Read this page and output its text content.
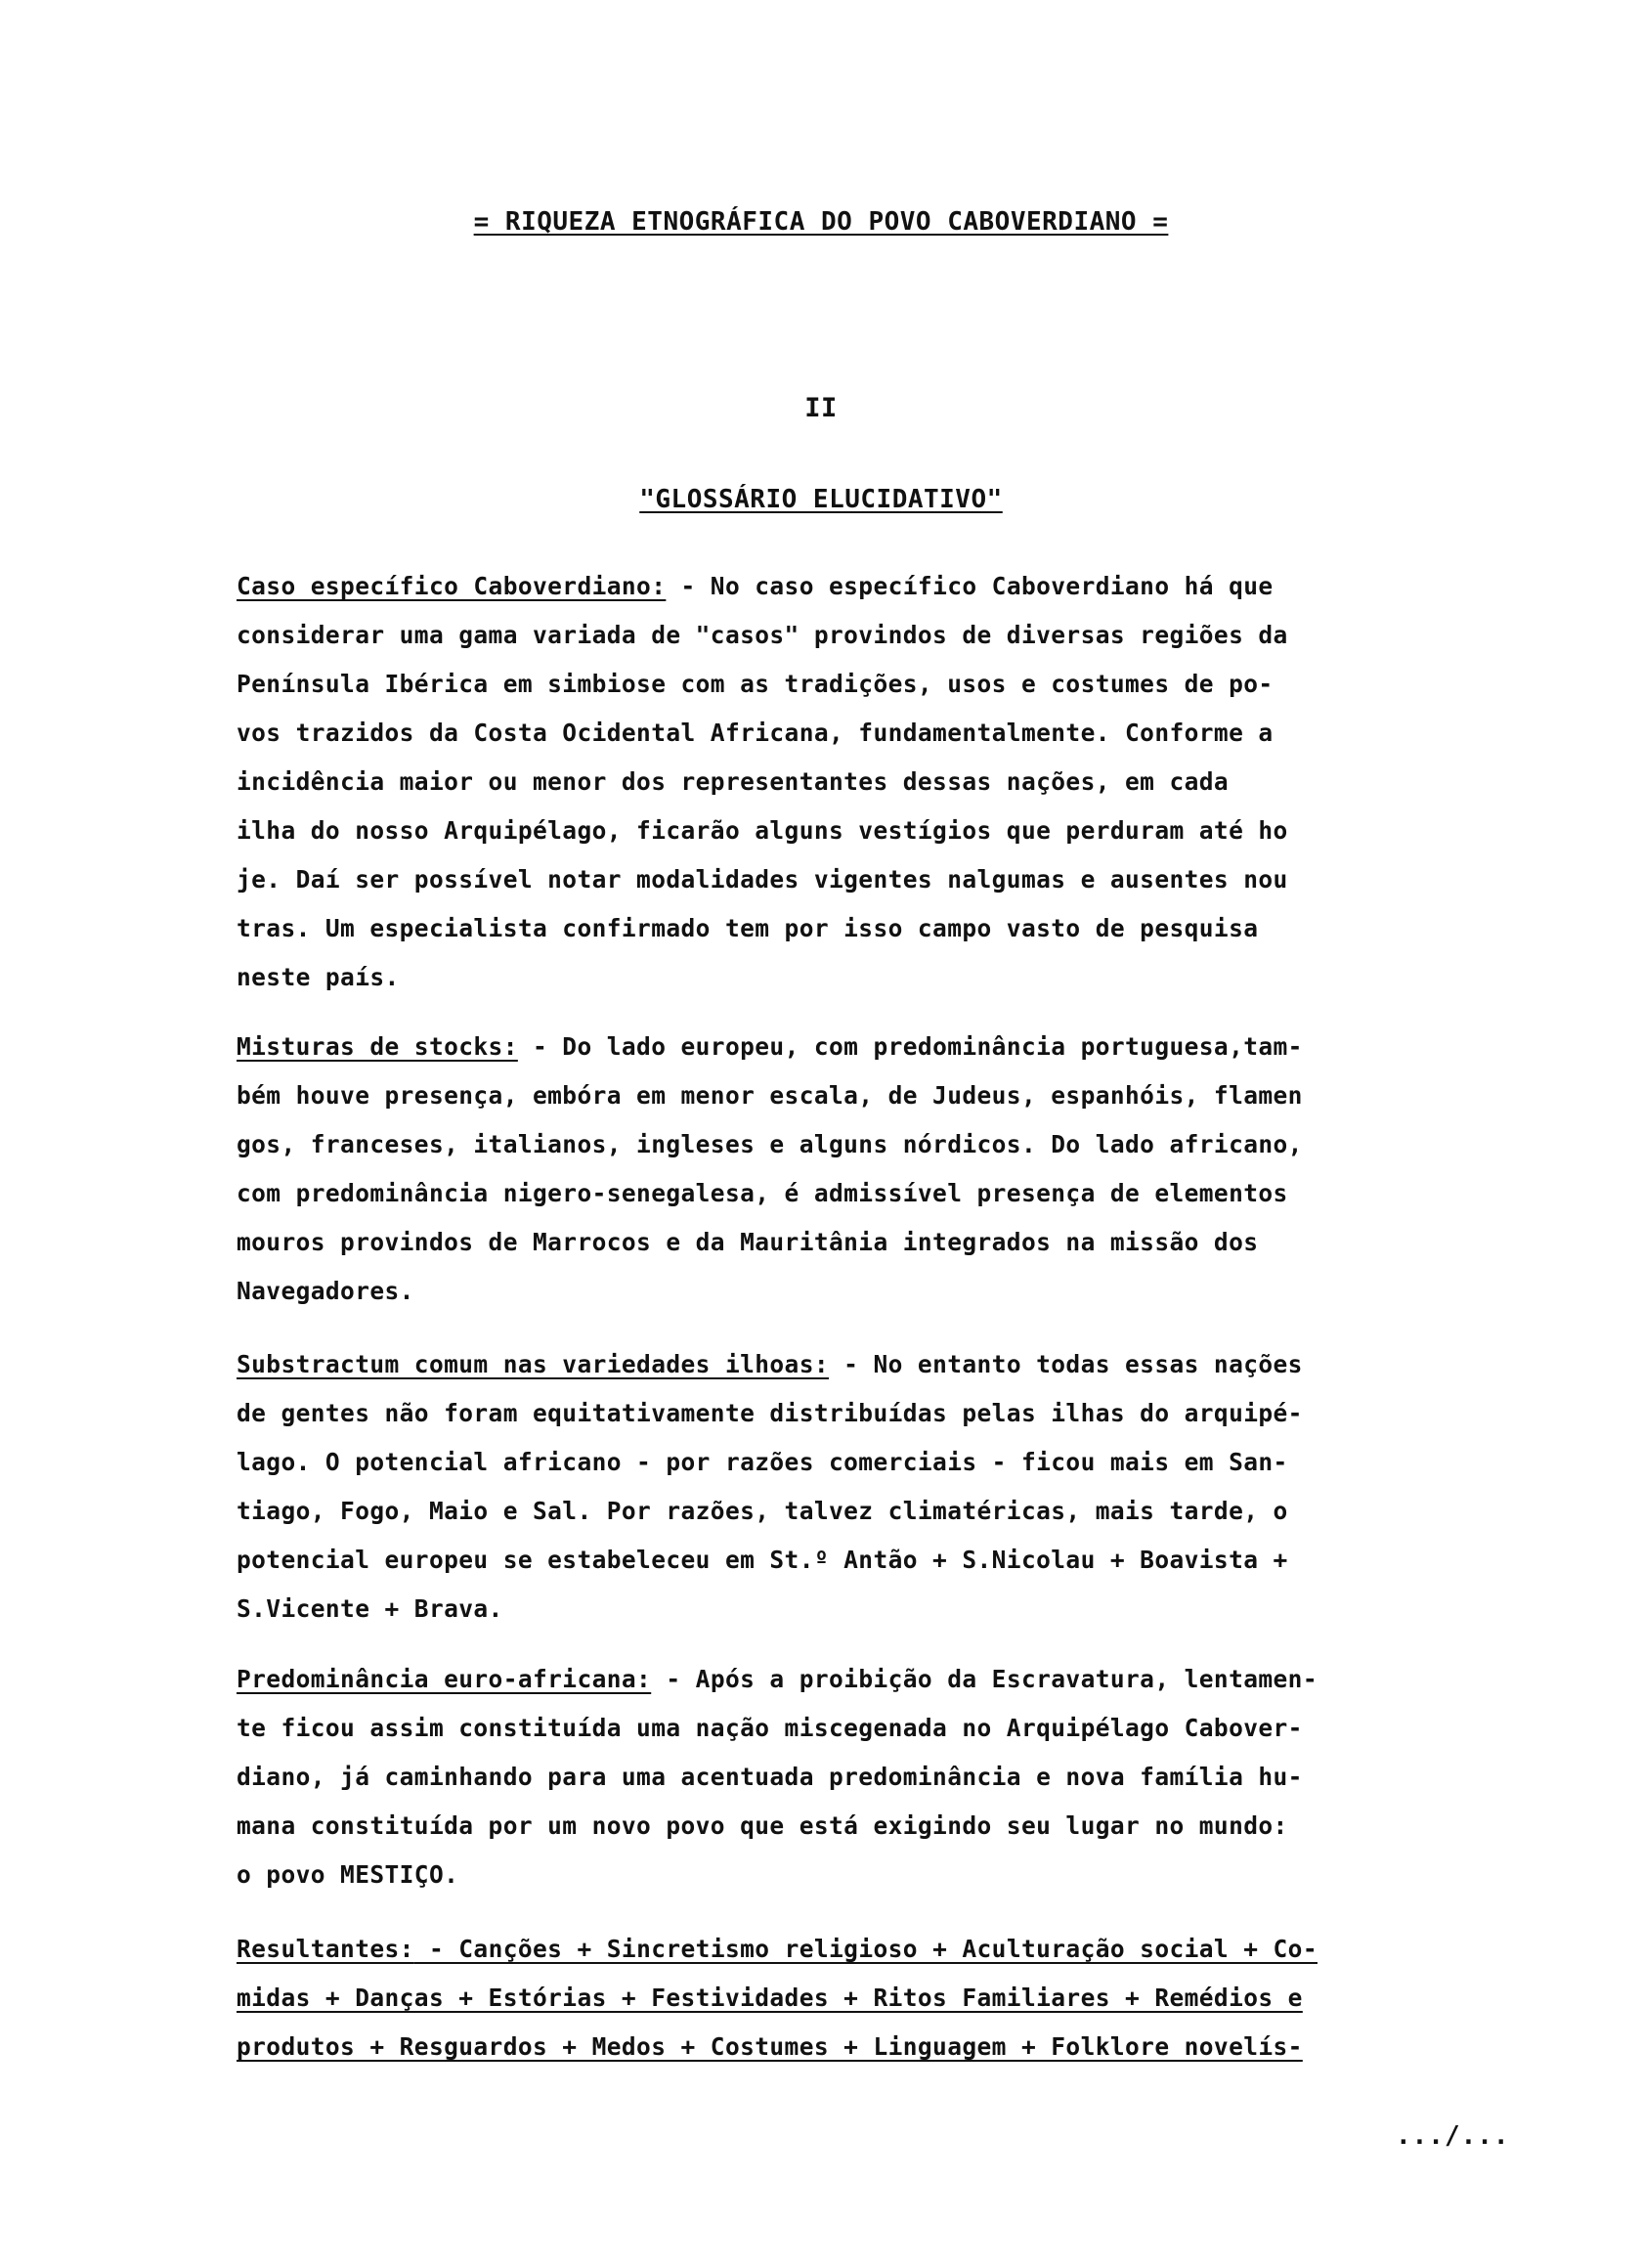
= RIQUEZA ETNOGRÁFICA DO POVO CABOVERDIANO =
II
"GLOSSÁRIO ELUCIDATIVO"
Caso específico Caboverdiano: - No caso específico Caboverdiano há que
considerar uma gama variada de "casos" provindos de diversas regiões da
Península Ibérica em simbiose com as tradições, usos e costumes de po-
vos trazidos da Costa Ocidental Africana, fundamentalmente. Conforme a
incidência maior ou menor dos representantes dessas nações, em cada
ilha do nosso Arquipélago, ficarão alguns vestígios que perduram até ho
je. Daí ser possível notar modalidades vigentes nalgumas e ausentes nou
tras. Um especialista confirmado tem por isso campo vasto de pesquisa
neste país.
Misturas de stocks: - Do lado europeu, com predominância portuguesa,tam-
bém houve presença, embóra em menor escala, de Judeus, espanhóis, flamen
gos, franceses, italianos, ingleses e alguns nórdicos. Do lado africano,
com predominância nigero-senegalesa, é admissível presença de elementos
mouros provindos de Marrocos e da Mauritânia integrados na missão dos
Navegadores.
Substractum comum nas variedades ilhoas: - No entanto todas essas nações
de gentes não foram equitativamente distribuídas pelas ilhas do arquipé-
lago. O potencial africano - por razões comerciais - ficou mais em San-
tiago, Fogo, Maio e Sal. Por razões, talvez climatéricas, mais tarde, o
potencial europeu se estabeleceu em St.º Antão + S.Nicolau + Boavista +
S.Vicente + Brava.
Predominância euro-africana: - Após a proibição da Escravatura, lentamen-
te ficou assim constituída uma nação miscegenada no Arquipélago Cabover-
diano, já caminhando para uma acentuada predominância e nova família hu-
mana constituída por um novo povo que está exigindo seu lugar no mundo:
o povo MESTIÇO.
Resultantes: - Canções + Sincretismo religioso + Aculturação social + Co-
midas + Danças + Estórias + Festividades + Ritos Familiares + Remédios e
produtos + Resguardos + Medos + Costumes + Linguagem + Folklore novelís-
.../...
